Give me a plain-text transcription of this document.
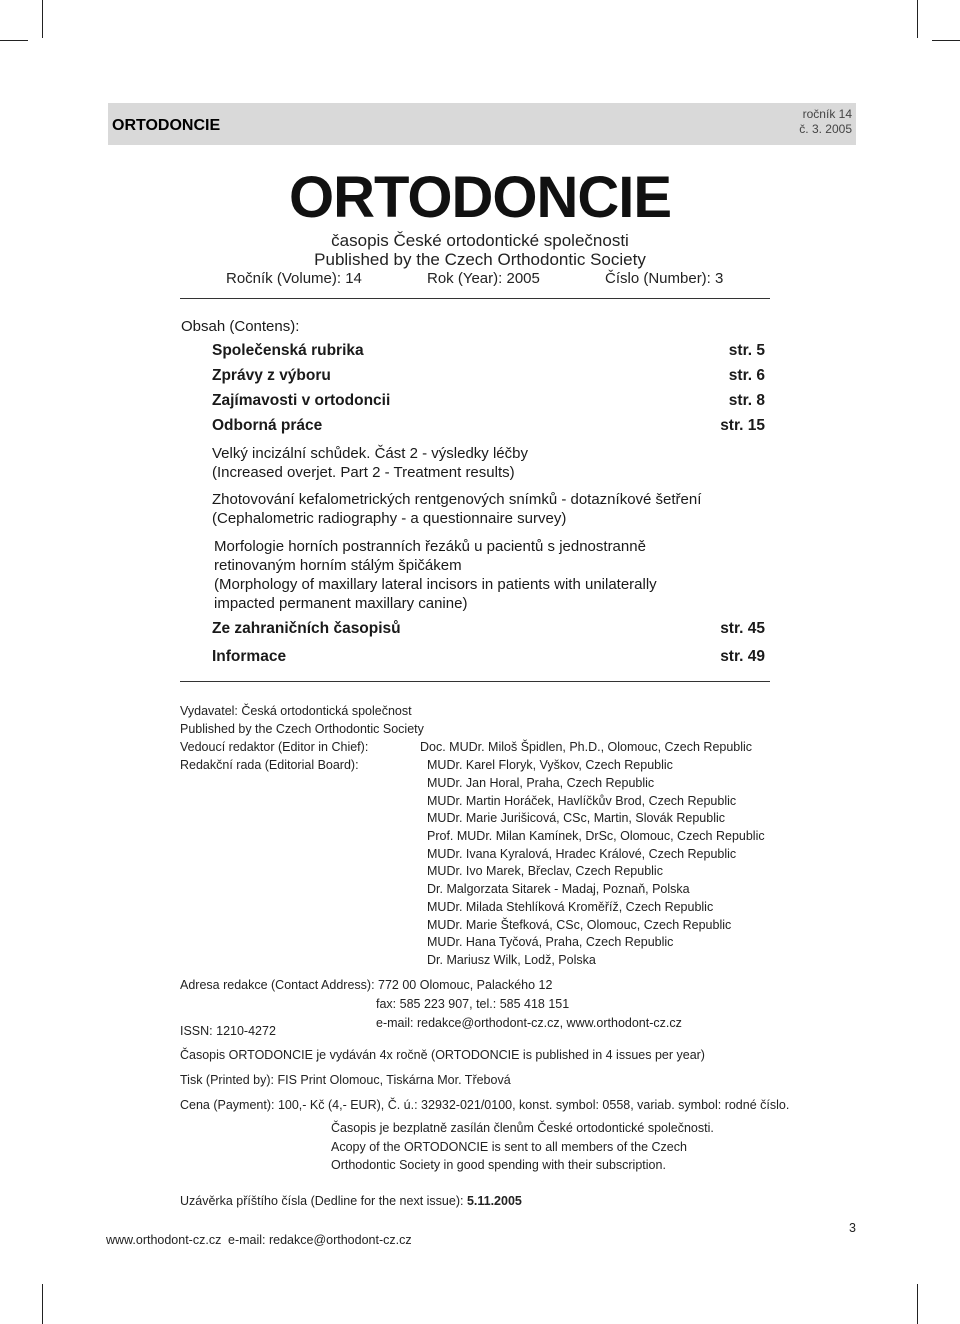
ORTODONCIE
ročník 14
č. 3. 2005
ORTODONCIE
časopis České ortodontické společnosti
Published by the Czech Orthodontic Society
Ročník (Volume): 14	Rok (Year): 2005	Číslo (Number): 3
Obsah (Contens):
Společenská rubrika	str. 5
Zprávy z výboru	str. 6
Zajímavosti v ortodoncii	str. 8
Odborná práce	str. 15
Velký incizální schůdek. Část 2 - výsledky léčby
(Increased overjet. Part 2 - Treatment results)
Zhotovování kefalometrických rentgenových snímků - dotazníkové šetření
(Cephalometric radiography - a questionnaire survey)
Morfologie horních postranních řezáků u pacientů s jednostranně
retinovaným horním stálým špičákem
(Morphology of maxillary lateral incisors in patients with unilaterally
impacted permanent maxillary canine)
Ze zahraničních časopisů	str. 45
Informace	str. 49
Vydavatel: Česká ortodontická společnost
Published by the Czech Orthodontic Society
Vedoucí redaktor (Editor in Chief):	Doc. MUDr. Miloš Špidlen, Ph.D., Olomouc, Czech Republic
Redakční rada (Editorial Board):	MUDr. Karel Floryk, Vyškov, Czech Republic
MUDr. Jan Horal, Praha, Czech Republic
MUDr. Martin Horáček, Havlíčkův Brod, Czech Republic
MUDr. Marie Jurišicová, CSc, Martin, Slovák Republic
Prof. MUDr. Milan Kamínek, DrSc, Olomouc, Czech Republic
MUDr. Ivana Kyralová, Hradec Králové, Czech Republic
MUDr. Ivo Marek, Břeclav, Czech Republic
Dr. Malgorzata Sitarek - Madaj, Poznaň, Polska
MUDr. Milada Stehlíková Kroměříž, Czech Republic
MUDr. Marie Štefková, CSc, Olomouc, Czech Republic
MUDr. Hana Tyčová, Praha, Czech Republic
Dr. Mariusz Wilk, Lodž, Polska
Adresa redakce (Contact Address): 772 00 Olomouc, Palackého 12
fax: 585 223 907, tel.: 585 418 151
e-mail: redakce@orthodont-cz.cz, www.orthodont-cz.cz
ISSN: 1210-4272
Časopis ORTODONCIE je vydáván 4x ročně (ORTODONCIE is published in 4 issues per year)
Tisk (Printed by): FIS Print Olomouc, Tiskárna Mor. Třebová
Cena (Payment): 100,- Kč (4,- EUR), Č. ú.: 32932-021/0100, konst. symbol: 0558, variab. symbol: rodné číslo.
Časopis je bezplatně zasílán členům České ortodontické společnosti.
Acopy of the ORTODONCIE is sent to all members of the Czech
Orthodontic Society in good spending with their subscription.
Uzávěrka příštího čísla (Dedline for the next issue): 5.11.2005
www.orthodont-cz.cz e-mail: redakce@orthodont-cz.cz
3
